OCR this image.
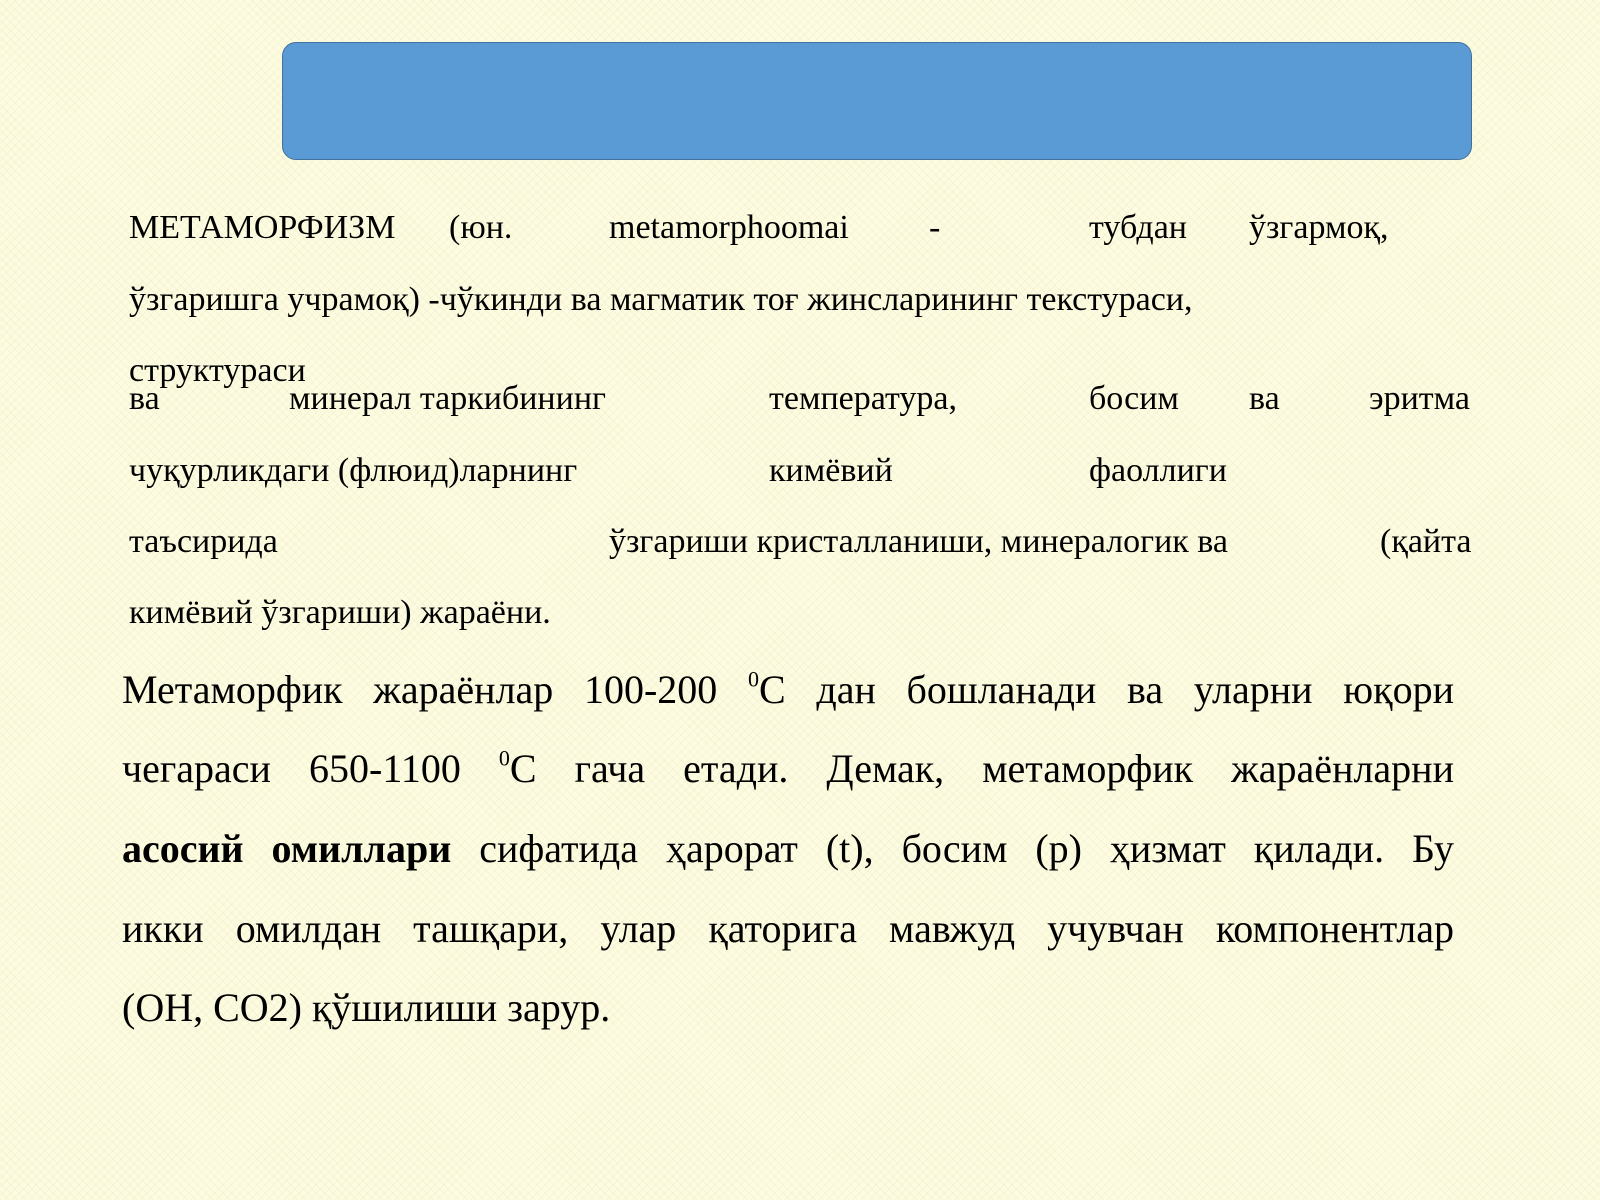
МЕТАМОРФИЗМ (юн.	metamorphoomai -	тубдан ўзгармоқ,
ўзгаришга учрамоқ) -чўкинди ва магматик тоғ жинсларининг текстураси,
структураси
ва	минерал таркибининг	температура,	босим ва	эритма
чуқурликдаги (флюид)ларнинг	кимёвий	фаоллиги
таъсирида	ўзгариши кристалланиши, минералогик ва	(қайта
кимёвий ўзгариши) жараёни.
Метаморфик жараёнлар 100-200 $^0$С дан бошланади ва уларни юқори
чегараси 650-1100 $^0$С гача етади. Демак, метаморфик жараёнларни
асосий омиллари сифатида ҳарорат (t), босим (p) ҳизмат қилади. Бу
икки омилдан ташқари, улар қаторига мавжуд учувчан компонентлар
(OH, CO2) қўшилиши зарур.
